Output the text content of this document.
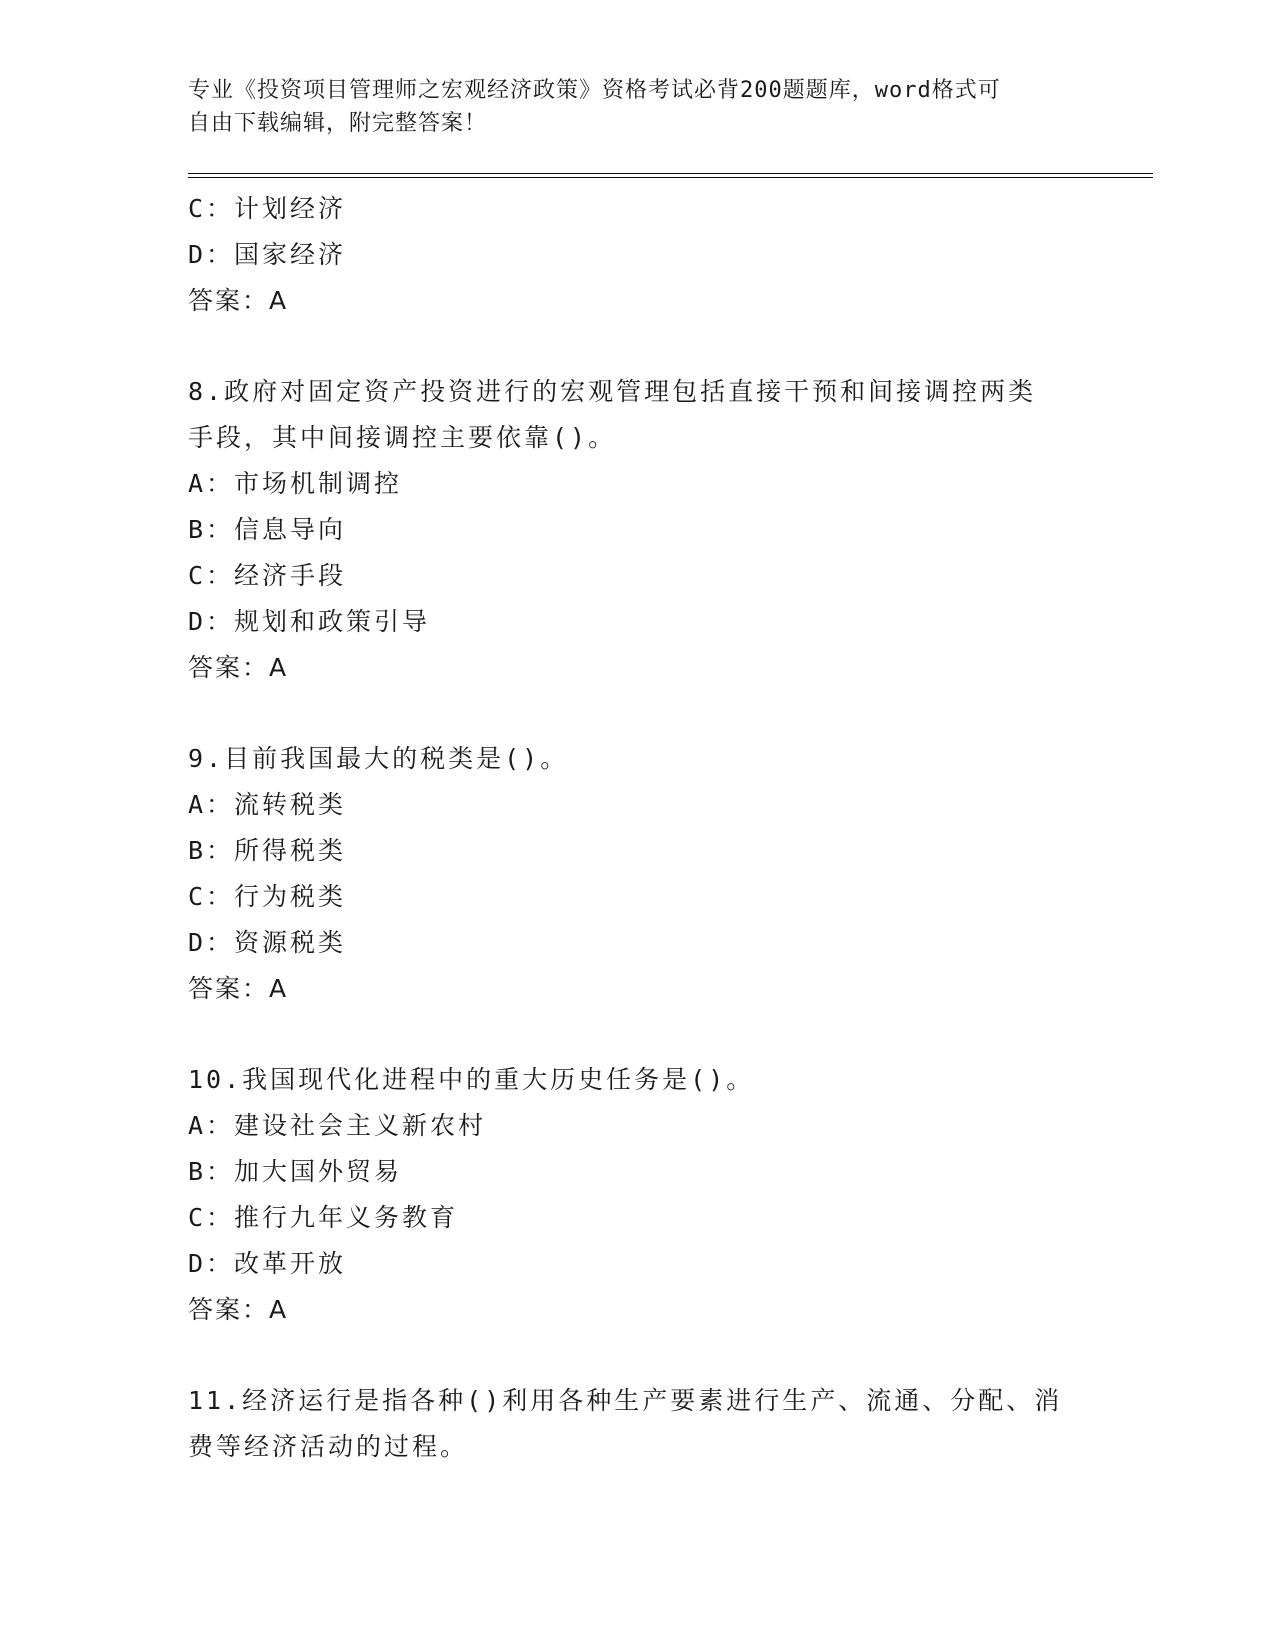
专业《投资项目管理师之宏观经济政策》资格考试必背200题题库，word格式可
自由下载编辑，附完整答案！
C：计划经济
D：国家经济
答案：A
8.政府对固定资产投资进行的宏观管理包括直接干预和间接调控两类
手段，其中间接调控主要依靠()。
A：市场机制调控
B：信息导向
C：经济手段
D：规划和政策引导
答案：A
9.目前我国最大的税类是()。
A：流转税类
B：所得税类
C：行为税类
D：资源税类
答案：A
10.我国现代化进程中的重大历史任务是()。
A：建设社会主义新农村
B：加大国外贸易
C：推行九年义务教育
D：改革开放
答案：A
11.经济运行是指各种()利用各种生产要素进行生产、流通、分配、消
费等经济活动的过程。
